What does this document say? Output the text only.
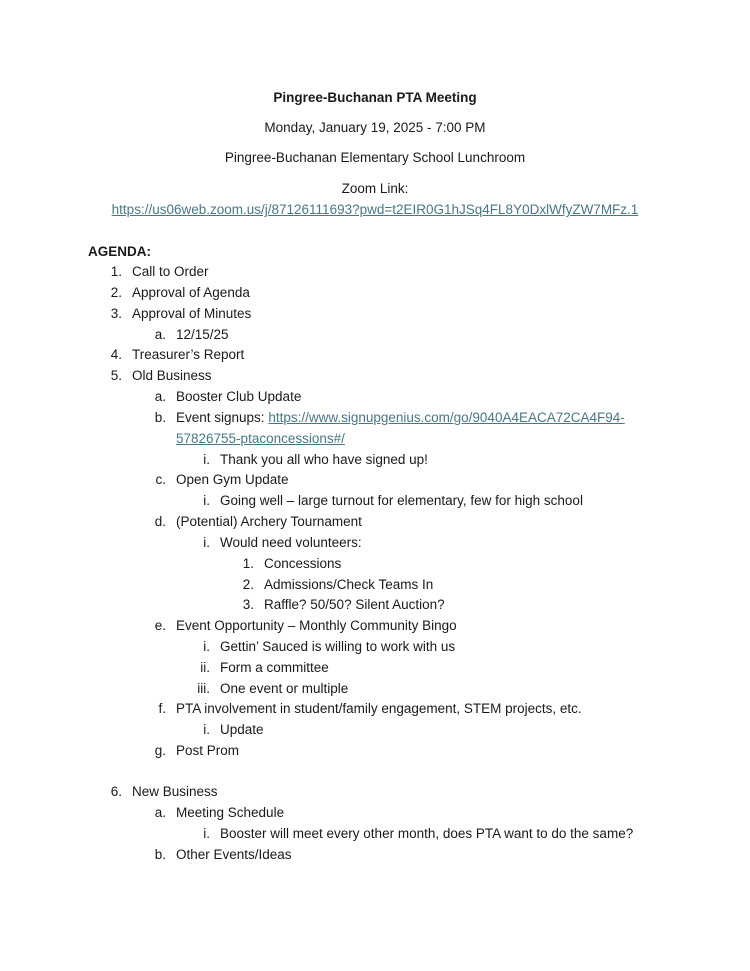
Pingree-Buchanan PTA Meeting
Monday, January 19, 2025 - 7:00 PM
Pingree-Buchanan Elementary School Lunchroom
Zoom Link:
https://us06web.zoom.us/j/87126111693?pwd=t2EIR0G1hJSq4FL8Y0DxlWfyZW7MFz.1
AGENDA:
1. Call to Order
2. Approval of Agenda
3. Approval of Minutes
a. 12/15/25
4. Treasurer’s Report
5. Old Business
a. Booster Club Update
b. Event signups: https://www.signupgenius.com/go/9040A4EACA72CA4F94-
57826755-ptaconcessions#/
i. Thank you all who have signed up!
c. Open Gym Update
i. Going well – large turnout for elementary, few for high school
d. (Potential) Archery Tournament
i. Would need volunteers:
1. Concessions
2. Admissions/Check Teams In
3. Raffle? 50/50? Silent Auction?
e. Event Opportunity – Monthly Community Bingo
i. Gettin’ Sauced is willing to work with us
ii. Form a committee
iii. One event or multiple
f. PTA involvement in student/family engagement, STEM projects, etc.
i. Update
g. Post Prom
6. New Business
a. Meeting Schedule
i. Booster will meet every other month, does PTA want to do the same?
b. Other Events/Ideas
